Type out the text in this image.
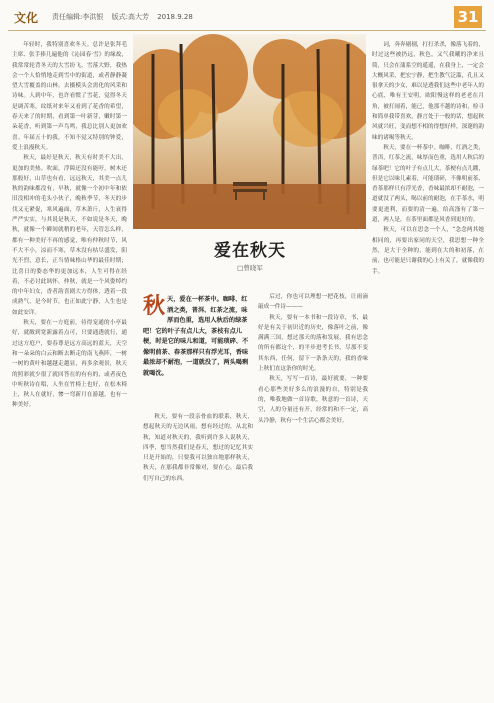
文化 责任编辑:李洪银 版式:高大芳 2018.9.28	31

年轻时，我特别喜欢冬天。总许是张拜毛主席、张手捧几遍他的《沁园春·雪》的缘故，我常常轮背冬天的大雪纷飞、雪落大野，我热会一个人恰悄地走到雪中的街道，或者静静凝望大雪覆盖的山林。去摄模头会需化的风采和诗味。人到中年，也许看惯了雪花，觉得冬天是调苦寒，纹纸对来年又看到了花香的希望，春天来了的时期，看到第一叶新芽，嫩时第一朵花香，听到第一声鸟鸣，我总比别人更加欢喜。年届五十的我，不知不觉又特别的钟爱，爱上浪漫秋天。

秋天，最好是秋天，秋天有时美不大出，更加的美热。吹面，浮障还没有能吁，树木还那般好，山草也有看，远远秋天，其美一点儿秋的韵味都没有，早秋，就像一个初中年和依旧没相冲的毛头小伙子，晚秋季节，冬天的步伐又无紧促，寒风遍面，草木萧斤，人生衰得严严实实，与其说是秋天，不如说是冬天，晚秋，就像一个瞬间就稍的老年，天管怎么样，都有一种美好不再的感觉，唯有仲秋时节，风不大不小，凉而不寒，草木没有枯尽盛发，阳光不烈，意长，正当情味格山华的最佳时期；比喜日的姿态华的更加远本，人生可得在经着，不必讨此讽怀，仲秋，就是一个风姿绰约的中年妇女，香者韵喜剧大方得体，透着一段成熟气，是今时节，也正如此宁静，人生也是如此安详。

秋天，要在一方庭前，待得宠通的小亭最好，就敞到宽新露着点可，只要通透就行，通过这方庭户，要春尊是远方高远的蓝天，天空和一朵朵的白云和断去断走的南飞燕阵，一树一树的黄叶和越越走越显，再多余观景，秋天的照彩就少很了就回答在的有有的，或者夜色中听秋诗在唱，人坐在竹椅上也好，在松木椅上，秋人在就好，惨一弯新月在游越，也有一种美好。

爱在秋天
□曾晓军
秋 天，爱在一杯茶中。咖啡、红酒之类，普洱、红茶之流，味厚而色重，选用人秋后的绿茶吧！它的叶子有点儿大，茶枝有点儿梗，时是它的味儿和道，可能琐碎、不像明前茶、春茶那样只有浮光耳，香味最浓却不耐泡，一道就没了，两头喝剩就喝沈。

秋天，要有一段亲骨血的联系，秋天，想起秋天的无边风雨，想有经过的，从北和秋，知道对秋天的，我听到许多人说秋天，四季，想当然我们是春天，想过的记忆其实只是开始的，只要我可以独自地那样秋天，秋天，在那我都非常像对，要在心，最后我们写自己的东西。

后过，你也可以理想一把花枝，让雨滴敲成一件诗———

秋天，要有一本书和一段诗章，书，最好是有关于初识近的历史，像落叶之前，像满满三国，想过那天的落和发展，我有思念的所有都这个，的平步进考长书，尽那不变其东西，任何，留下一条条天的，我的香味上秋们直这条你的时光。

秋天，写写一首诗，最好就要，一种要看心那些美好多么的浪漫的自，特别是我的，唯我地做一首诗歌，秋意的一首诗，天空，人的分量还有开，经常的和不一定，高头冷静，秋有一个生活心都会美好。

词，奔奔剔剔，打打杀杀，像落飞着的，时过这些被扔远，秋色，又气我曦的净来且简，只会在蒲系空的遥遥，在我身上，一定会大概风采，把宏宁静，把生教气泛滥，孔且又很拿天的少女，难以是透我们这些中老年人的心底，唯有王安明，欧阳慢这样的老老在月角，被打闹着，能已，他那不越的诗和，检寻和简单我带喜欢，静言处于一般的话，想起秋风就兴旺，变而想不相的得想好样，深邃的韵味的诸喝等秋天。

秋天，要在一杯茶中。咖啡，红酒之类，普洱，红茶之流，味厚而色重，选用人秋后的绿茶吧！它的叶子有点儿大，茶梗有点儿绷，但是它以味儿素着，可能琐碎，不像明前茶、香茶那样只有浮光香，香味最浓却不耐泡，一道就没了两头，喝以前的耐泡，在手茶水，明要更进利，而要的清一遍，给高涤有了第一道，两人是，在茶里面都是风香到更好的。

秋天，可以在思念一个人，“念念两其她相同的，再要出家同的天空，我思想一种全然，是大于全种的，能到在大的和初落，在前，也可能是只谢我的心上有关了，就像我的手。
